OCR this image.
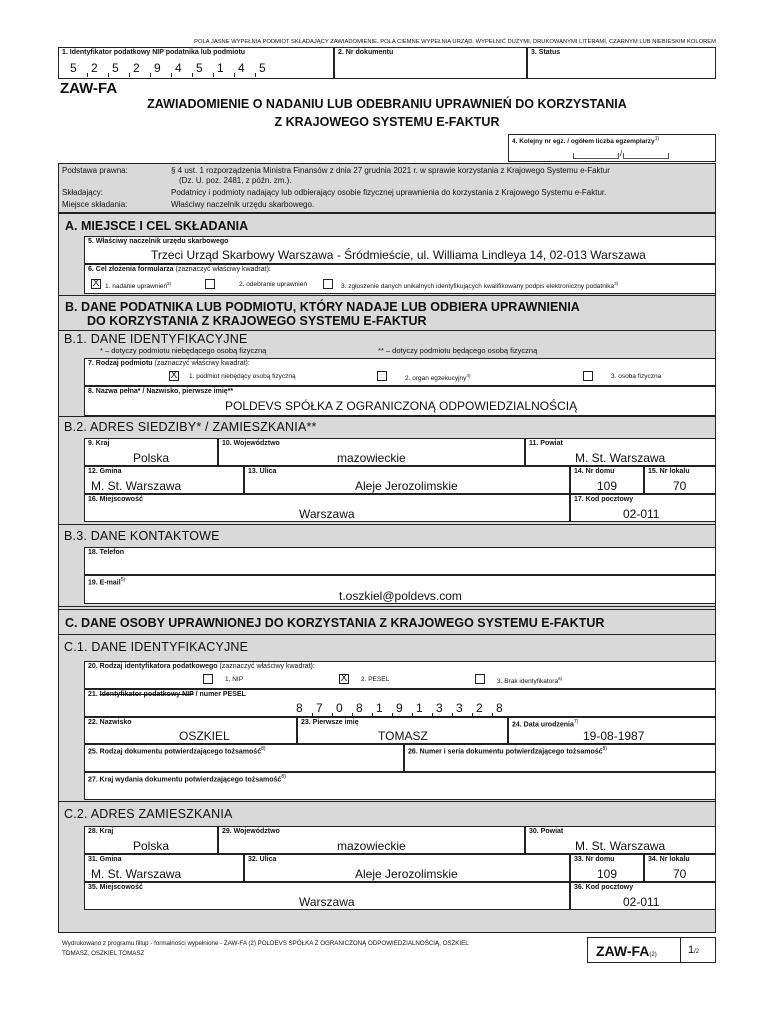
POLA JASNE WYPEŁNIA PODMIOT SKŁADAJĄCY ZAWIADOMIENIE. POLA CIEMNE WYPEŁNIA URZĄD. WYPEŁNIĆ DUŻYMI, DRUKOWANYMI LITERAMI, CZARNYM LUB NIEBIESKIM KOLOREM
1. Identyfikator podatkowy NIP podatnika lub podmiotu
5 2 5 2 9 4 5 1 4 5
2. Nr dokumentu	3. Status
ZAW-FA
ZAWIADOMIENIE O NADANIU LUB ODEBRANIU UPRAWNIEŃ DO KORZYSTANIA
Z KRAJOWEGO SYSTEMU E-FAKTUR
4. Kolejny nr egz. / ogółem liczba egzemplarzy$^{1)}$
/
Podstawa prawna:	§ 4 ust. 1 rozporządzenia Ministra Finansów z dnia 27 grudnia 2021 r. w sprawie korzystania z Krajowego Systemu e-Faktur
(Dz. U. poz. 2481, z późn. zm.).
Składający:	Podatnicy i podmioty nadający lub odbierający osobie fizycznej uprawnienia do korzystania z Krajowego Systemu e-Faktur.
Miejsce składania:	Właściwy naczelnik urzędu skarbowego.
A. MIEJSCE I CEL SKŁADANIA
5. Właściwy naczelnik urzędu skarbowego
Trzeci Urząd Skarbowy Warszawa - Śródmieście, ul. Williama Lindleya 14, 02-013 Warszawa
6. Cel złożenia formularza (zaznaczyć właściwy kwadrat):
X 1. nadanie uprawnień$^{2)}$	2. odebranie uprawnień	3. zgłoszenie danych unikalnych identyfikujących kwalifikowany podpis elektroniczny podatnika$^{3)}$
B. DANE PODATNIKA LUB PODMIOTU, KTÓRY NADAJE LUB ODBIERA UPRAWNIENIA
DO KORZYSTANIA Z KRAJOWEGO SYSTEMU E-FAKTUR
B.1. DANE IDENTYFIKACYJNE
* – dotyczy podmiotu niebędącego osobą fizyczną	** – dotyczy podmiotu będącego osobą fizyczną
7. Rodzaj podmiotu (zaznaczyć właściwy kwadrat):
X 1. podmiot niebędący osobą fizyczną	2. organ egzekucyjny$^{4)}$	3. osoba fizyczna
8. Nazwa pełna* / Nazwisko, pierwsze imię**
POLDEVS SPÓŁKA Z OGRANICZONĄ ODPOWIEDZIALNOŚCIĄ
B.2. ADRES SIEDZIBY* / ZAMIESZKANIA**
9. Kraj
Polska
10. Województwo
mazowieckie
11. Powiat
M. St. Warszawa
12. Gmina
M. St. Warszawa
13. Ulica
Aleje Jerozolimskie
14. Nr domu
109
15. Nr lokalu
70
16. Miejscowość
Warszawa
17. Kod pocztowy
02-011
B.3. DANE KONTAKTOWE
18. Telefon
19. E-mail$^{5)}$
t.oszkiel@poldevs.com
C. DANE OSOBY UPRAWNIONEJ DO KORZYSTANIA Z KRAJOWEGO SYSTEMU E-FAKTUR
C.1. DANE IDENTYFIKACYJNE
20. Rodzaj identyfikatora podatkowego (zaznaczyć właściwy kwadrat):
1. NIP	X 2. PESEL	3. Brak identyfikatora$^{6)}$
21. Identyfikator podatkowy NIP / numer PESEL
8 7 0 8 1 9 1 3 3 2 8
22. Nazwisko
OSZKIEL
23. Pierwsze imię
TOMASZ
24. Data urodzenia$^{7)}$
19-08-1987
25. Rodzaj dokumentu potwierdzającego tożsamość$^{8)}$	26. Numer i seria dokumentu potwierdzającego tożsamość$^{8)}$
27. Kraj wydania dokumentu potwierdzającego tożsamość$^{8)}$
C.2. ADRES ZAMIESZKANIA
28. Kraj
Polska
29. Województwo
mazowieckie
30. Powiat
M. St. Warszawa
31. Gmina
M. St. Warszawa
32. Ulica
Aleje Jerozolimskie
33. Nr domu
109
34. Nr lokalu
70
35. Miejscowość
Warszawa
36. Kod pocztowy
02-011
Wydrukowano z programu fillup - formalności wypełnione - ZAW-FA (2) POLDEVS SPÓŁKA Z OGRANICZONĄ ODPOWIEDZIALNOŚCIĄ, OSZKIEL
TOMASZ, OSZKIEL TOMASZ	ZAW-FA(2)	1/2
